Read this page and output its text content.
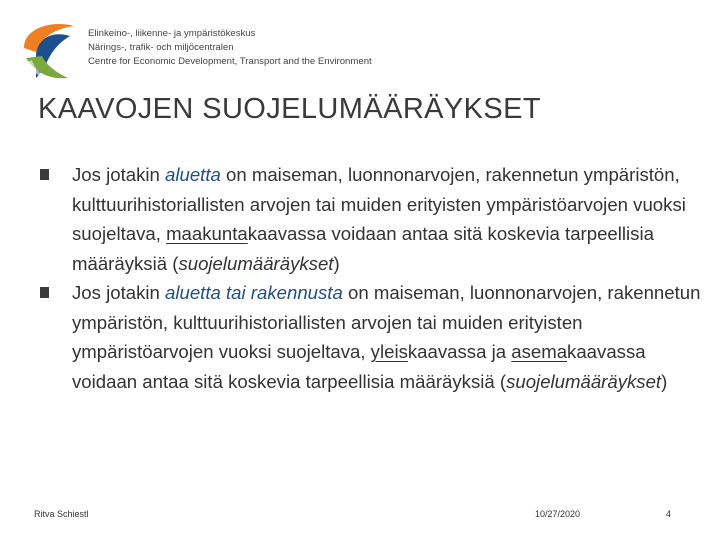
Elinkeino-, liikenne- ja ympäristökeskus
Närings-, trafik- och miljöcentralen
Centre for Economic Development, Transport and the Environment
KAAVOJEN SUOJELUMÄÄRÄYKSET
Jos jotakin aluetta on maiseman, luonnonarvojen, rakennetun ympäristön, kulttuurihistoriallisten arvojen tai muiden erityisten ympäristöarvojen vuoksi suojeltava, maakuntakaavassa voidaan antaa sitä koskevia tarpeellisia määräyksiä (suojelumääräykset)
Jos jotakin aluetta tai rakennusta on maiseman, luonnonarvojen, rakennetun ympäristön, kulttuurihistoriallisten arvojen tai muiden erityisten ympäristöarvojen vuoksi suojeltava, yleiskaavassa ja asemakaavassa voidaan antaa sitä koskevia tarpeellisia määräyksiä (suojelumääräykset)
Ritva Schiestl	10/27/2020	4
